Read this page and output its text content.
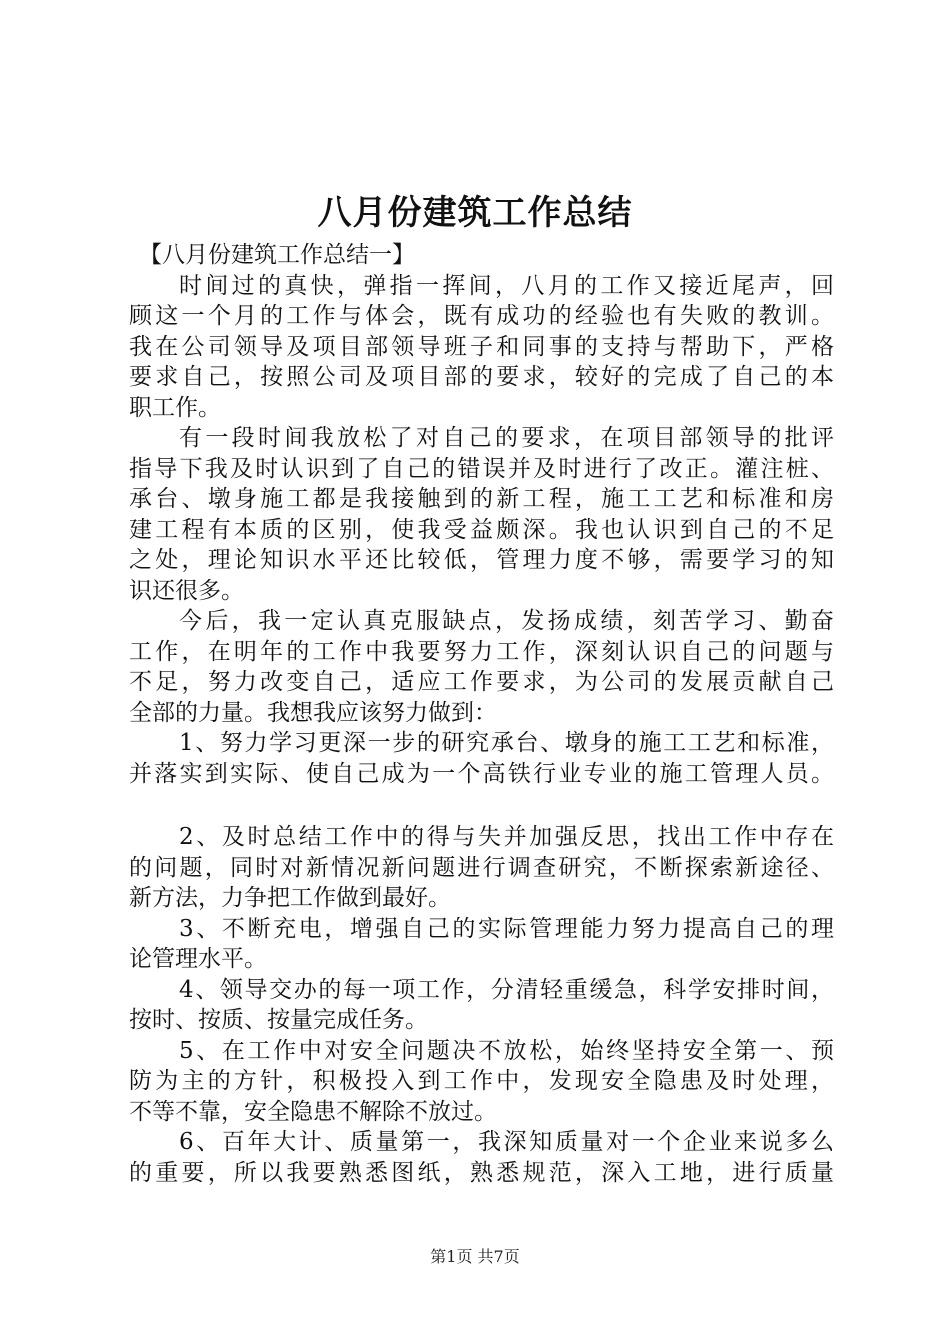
八月份建筑工作总结
【八月份建筑工作总结一】
时间过的真快，弹指一挥间，八月的工作又接近尾声，回
顾这一个月的工作与体会，既有成功的经验也有失败的教训。
我在公司领导及项目部领导班子和同事的支持与帮助下，严格
要求自己，按照公司及项目部的要求，较好的完成了自己的本
职工作。
有一段时间我放松了对自己的要求，在项目部领导的批评
指导下我及时认识到了自己的错误并及时进行了改正。灌注桩、
承台、墩身施工都是我接触到的新工程，施工工艺和标准和房
建工程有本质的区别，使我受益颇深。我也认识到自己的不足
之处，理论知识水平还比较低，管理力度不够，需要学习的知
识还很多。
今后，我一定认真克服缺点，发扬成绩，刻苦学习、勤奋
工作，在明年的工作中我要努力工作，深刻认识自己的问题与
不足，努力改变自己，适应工作要求，为公司的发展贡献自己
全部的力量。我想我应该努力做到：
1、努力学习更深一步的研究承台、墩身的施工工艺和标准，
并落实到实际、使自己成为一个高铁行业专业的施工管理人员。
2、及时总结工作中的得与失并加强反思，找出工作中存在
的问题，同时对新情况新问题进行调查研究，不断探索新途径、
新方法，力争把工作做到最好。
3、不断充电，增强自己的实际管理能力努力提高自己的理
论管理水平。
4、领导交办的每一项工作，分清轻重缓急，科学安排时间，
按时、按质、按量完成任务。
5、在工作中对安全问题决不放松，始终坚持安全第一、预
防为主的方针，积极投入到工作中，发现安全隐患及时处理，
不等不靠，安全隐患不解除不放过。
6、百年大计、质量第一，我深知质量对一个企业来说多么
的重要，所以我要熟悉图纸，熟悉规范，深入工地，进行质量
第1页 共7页
